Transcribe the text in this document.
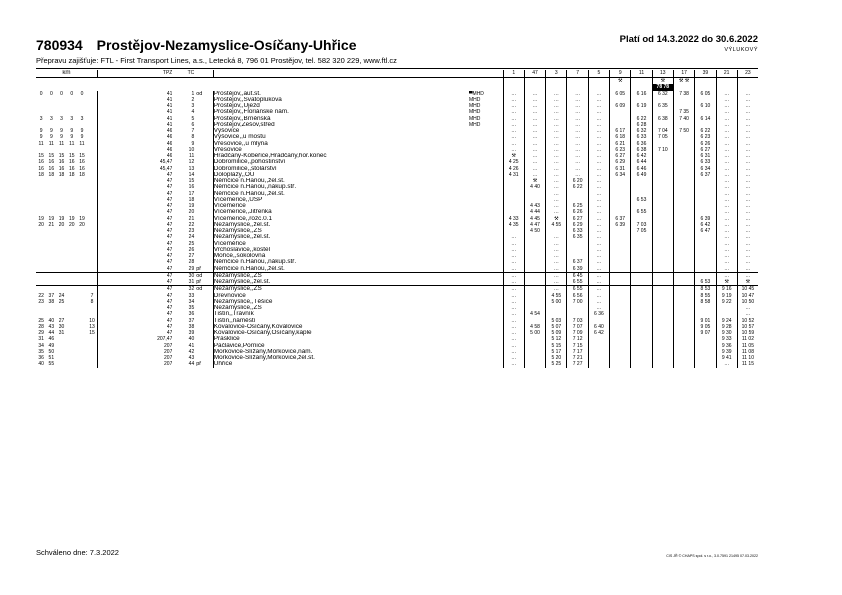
780934 Prostějov-Nezamyslice-Osíčany-Uhřice	Platí od 14.3.2022 do 30.6.2022
VÝLUKOVÝ
Přepravu zajišťuje: FTL - First Transport Lines, a.s., Letecká 8, 796 01 Prostějov, tel. 582 320 229, www.ftl.cz
km						TPZ	TČ				1	47	3	7	5	9	11	13	17	39	21	23
																⚒		⚒	⚒ ⚒			
																		78 78				
0	0	0	0	0		41	1	od	Prostějov,,aut.st.	▀MHD	…	…	…	…	…	6 05	6 16	6 32	7 38	6 05	…	…
						41	2		Prostějov,,Svatoplukova	MHD	…	…	…	…	…						…	…
						41	3		Prostějov,,Újezd	MHD	…	…	…	…	…	6 09	6 19	6 35		6 10	…	…
						41	4		Prostějov,,Floriánské nám.	MHD	…	…	…	…	…				7 35		…	…
3	3	3	3	3		41	5		Prostějov,,Brněnská	MHD	…	…	…	…	…		6 22	6 38	7 40	6 14	…	…
						41	6		Prostějov,Žešov,střed	MHD	…	…	…	…	…		6 28				…	…
9	9	9	9	9		46	7		Výšovice		…	…	…	…	…	6 17	6 32	7 04	7 50	6 22	…	…
9	9	9	9	9		46	8		Výšovice,,u mostu		…	…	…	…	…	6 18	6 33	7 05		6 23	…	…
11	11	11	11	11		46	9		Vřesovice,,u mlýna		…	…	…	…	…	6 21	6 36			6 26	…	…
						46	10		Vřesovice		…	…	…	…	…	6 23	6 38	7 10		6 27	…	…
15	15	15	15	15		46	11		Hradčany-Kobeřice,Hradčany,hor.konec		⚒	…	…	…	…	6 27	6 42			6 31	…	…
16	16	16	16	16		45,47	12		Dobromilice,,pohostinství		4 25	…	…	…	…	6 29	6 44			6 33	…	…
16	16	16	16	16		45,47	13		Dobromilice,,stolárství		4 26	…	…	…	…	6 31	6 46			6 34	…	…
18	18	18	18	18		47	14		Doloplazy,,OÚ		4 31	…	…	…	…	6 34	6 49			6 37	…	…
						47	15		Němčice n.Hanou,,žel.st.			⚒	…	6 20	…						…	…
						47	16		Němčice n.Hanou,,nákup.stř.			4 40	…	6 22	…						…	…
						47	17		Němčice n.Hanou,,žel.st.				…		…						…	…
						47	18		Vícemerice,,ÚSP				…		…		6 53				…	…
						47	19		Vícemerice			4 43	…	6 25	…						…	…
						47	20		Vícemerice,,Jitřenka			4 44	…	6 26	…		6 55				…	…
19	19	19	19	19		47	21		Vícemerice,,rozc.0.1		4 33	4 45	⚒	6 27	…	6 37				6 39	…	…
20	21	20	20	20		47	22		Nezamyslice,,žel.st.		4 35	4 47	4 55	6 29	…	6 39	7 03			6 42	…	…
						47	23		Nezamyslice,,ZŠ			4 50		6 33	…		7 05			6 47	…	…
						47	24		Nezamyslice,,žel.st.		…		…	6 35	…						…	…
						47	25		Víceměřice		…		…		…						…	…
						47	26		Vrchoslavice,,kostel		…		…		…						…	…
						47	27		Mořice,,sokolovna		…		…		…						…	…
						47	28		Němčice n.Hanou,,nákup.stř.		…		…	6 37	…						…	…
						47	29	př	Němčice n.Hanou,,žel.st.		…		…	6 39	…						…	…
						47	30	od	Nezamyslice,,ZŠ		…		…	6 45	…						…	…
						47	31	př	Nezamyslice,,žel.st.		…		…	6 55	…					6 53	⚒	⚒
						47	32	od	Nezamyslice,,ZŠ		…		…	6 55	…					8 53	9 16	10 45
22	37	24			7	47	33		Drevnovice		…		4 55	6 56	…					8 55	9 19	10 47
23	38	25			8	47	34		Nezamyslice,,Těšice		…		5 00	7 00	…					8 58	9 22	10 50
						47	35		Nezamyslice,,ZŠ		…				…							…
						47	36		Tištín,,Trávník		…	4 54			6 36							…
25	40	27			10	47	37		Tištín,,náměstí		…		5 03	7 03						9 01	9 24	10 52
28	43	30			13	47	38		Kovalovice-Osíčany,Kovalovice		…	4 58	5 07	7 07	6 40					9 05	9 28	10 57
29	44	31			15	47	39		Kovalovice-Osíčany,Osíčany,kaple		…	5 00	5 09	7 09	6 42					9 07	9 30	10 59
31	46					207,47	40		Prasklice		…		5 12	7 12							9 33	11 02
34	49					207	41		Pačlavice,Pornice		…		5 15	7 15							9 36	11 05
35	50					207	42		Morkovice-Slížany,Morkovice,nám.		…		5 17	7 17							9 39	11 08
36	51					207	43		Morkovice-Slížany,Morkovice,žel.st.		…		5 20	7 21							9 41	11 10
40	55					207	44	př	Uhřice		…		5 25	7 27							…	11 15
Schváleno dne: 7.3.2022	CIS JŘ © CHAPS spol. s r.o., 3.0.7591 21495 07.03.2022
